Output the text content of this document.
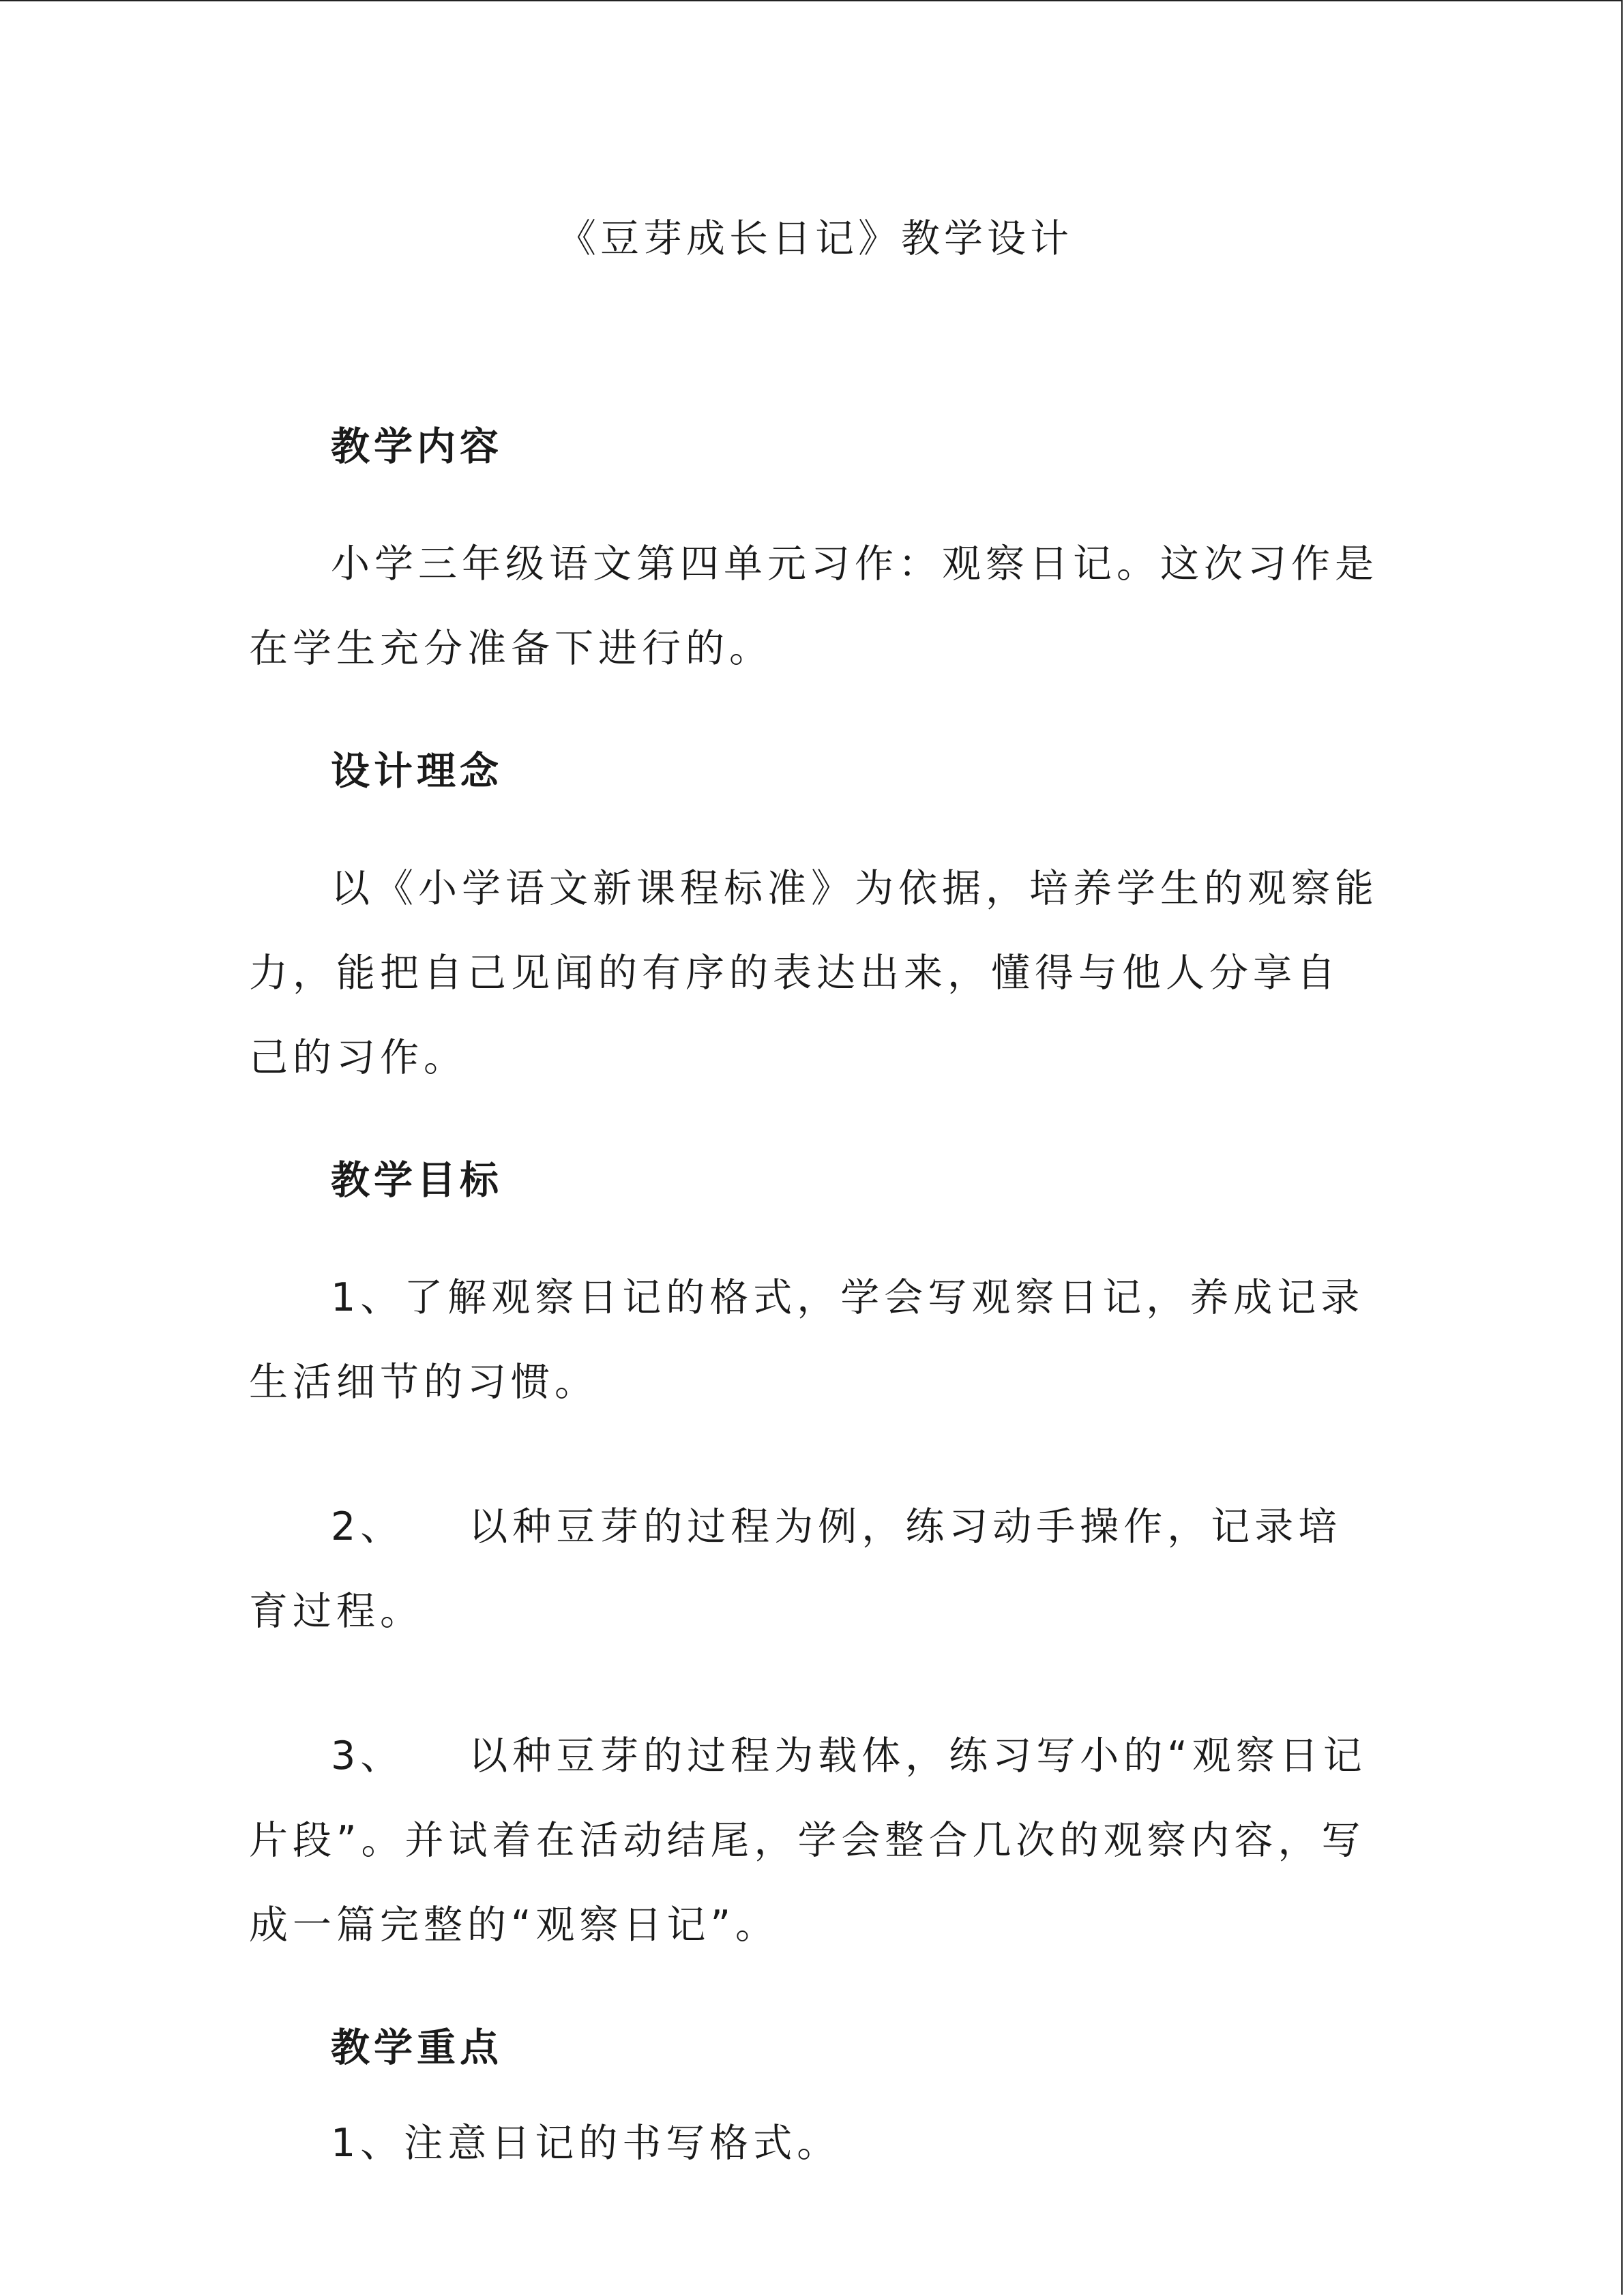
《豆芽成长日记》教学设计
教学内容

小学三年级语文第四单元习作：观察日记。这次习作是在学生充分准备下进行的。

设计理念

以《小学语文新课程标准》为依据，培养学生的观察能力，能把自己见闻的有序的表达出来，懂得与他人分享自己的习作。

教学目标

1、了解观察日记的格式，学会写观察日记，养成记录生活细节的习惯。

2、 以种豆芽的过程为例，练习动手操作，记录培育过程。

3、 以种豆芽的过程为载体，练习写小的“观察日记片段”。并试着在活动结尾，学会整合几次的观察内容，写成一篇完整的“观察日记”。

教学重点

1、注意日记的书写格式。
